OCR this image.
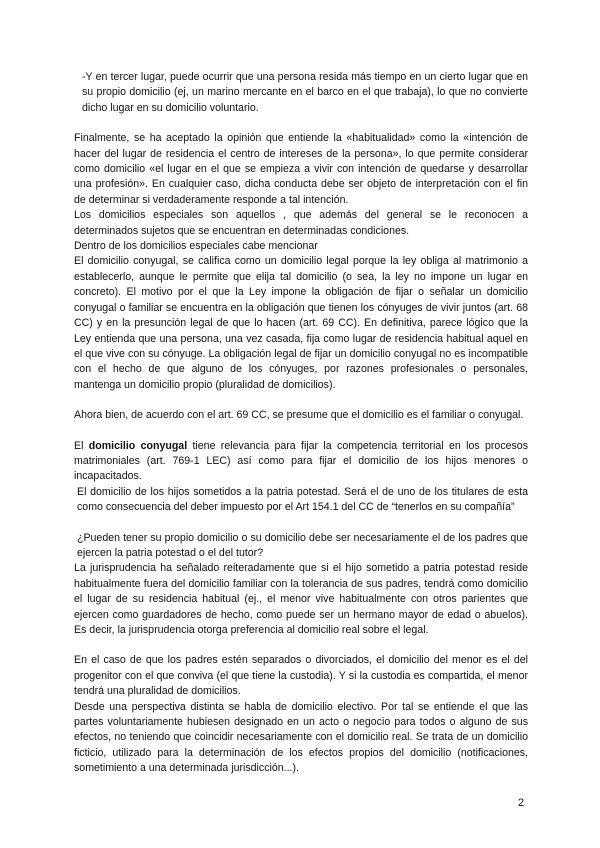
-Y en tercer lugar, puede ocurrir que una persona resida más tiempo en un cierto lugar que en su propio domicilio (ej, un marino mercante en el barco en el que trabaja), lo que no convierte dicho lugar en su domicilio voluntario.

Finalmente, se ha aceptado la opinión que entiende la «habitualidad» como la «intención de hacer del lugar de residencia el centro de intereses de la persona», lo que permite considerar como domicilio «el lugar en el que se empieza a vivir con intención de quedarse y desarrollar una profesión». En cualquier caso, dicha conducta debe ser objeto de interpretación con el fin de determinar si verdaderamente responde a tal intención.

Los domicilios especiales son aquellos , que además del general se le reconocen a determinados sujetos que se encuentran en determinadas condiciones.

Dentro de los domicilios especiales cabe mencionar

El domicilio conyugal, se califica como un domicilio legal porque la ley obliga al matrimonio a establecerlo, aunque le permite que elija tal domicilio (o sea, la ley no impone un lugar en concreto). El motivo por el que la Ley impone la obligación de fijar o señalar un domicilio conyugal o familiar se encuentra en la obligación que tienen los cónyuges de vivir juntos (art. 68 CC) y en la presunción legal de que lo hacen (art. 69 CC). En definitiva, parece lógico que la Ley entienda que una persona, una vez casada, fija como lugar de residencia habitual aquel en el que vive con su cónyuge. La obligación legal de fijar un domicilio conyugal no es incompatible con el hecho de que alguno de los cónyuges, por razones profesionales o personales, mantenga un domicilio propio (pluralidad de domicilios).

Ahora bien, de acuerdo con el art. 69 CC, se presume que el domicilio es el familiar o conyugal.

El domicilio conyugal tiene relevancia para fijar la competencia territorial en los procesos matrimoniales (art. 769-1 LEC) así como para fijar el domicilio de los hijos menores o incapacitados.

El domicilio de los hijos sometidos a la patria potestad. Será el de uno de los titulares de esta como consecuencia del deber impuesto por el Art 154.1 del CC de “tenerlos en su compañía”

¿Pueden tener su propio domicilio o su domicilio debe ser necesariamente el de los padres que ejercen la patria potestad o el del tutor?

La jurisprudencia ha señalado reiteradamente que si el hijo sometido a patria potestad reside habitualmente fuera del domicilio familiar con la tolerancia de sus padres, tendrá como domicilio el lugar de su residencia habitual (ej., el menor vive habitualmente con otros parientes que ejercen como guardadores de hecho, como puede ser un hermano mayor de edad o abuelos). Es decir, la jurisprudencia otorga preferencia al domicilio real sobre el legal.

En el caso de que los padres estén separados o divorciados, el domicilio del menor es el del progenitor con el que conviva (el que tiene la custodia). Y si la custodia es compartida, el menor tendrá una pluralidad de domicilios.

Desde una perspectiva distinta se habla de domicilio electivo. Por tal se entiende el que las partes voluntariamente hubiesen designado en un acto o negocio para todos o alguno de sus efectos, no teniendo que coincidir necesariamente con el domicilio real. Se trata de un domicilio ficticio, utilizado para la determinación de los efectos propios del domicilio (notificaciones, sometimiento a una determinada jurisdicción...).

2
